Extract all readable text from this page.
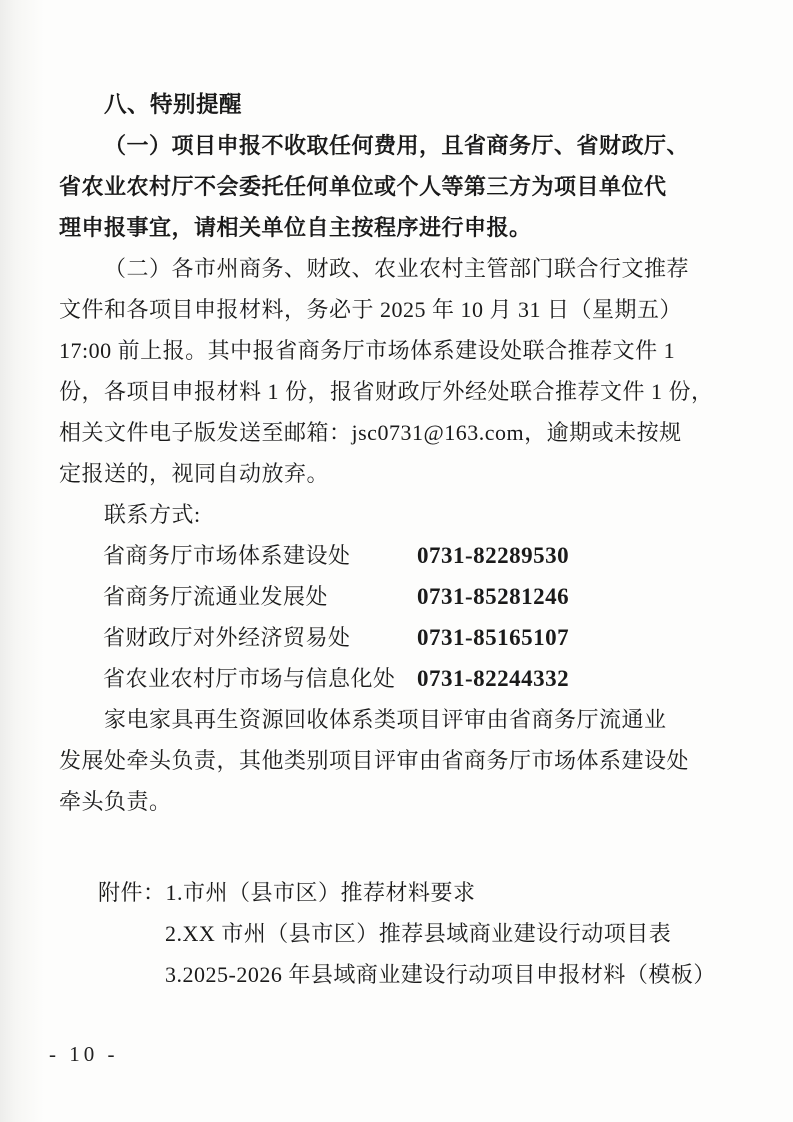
八、特别提醒
（一）项目申报不收取任何费用，且省商务厅、省财政厅、
省农业农村厅不会委托任何单位或个人等第三方为项目单位代
理申报事宜，请相关单位自主按程序进行申报。
（二）各市州商务、财政、农业农村主管部门联合行文推荐
文件和各项目申报材料，务必于 2025 年 10 月 31 日（星期五）
17:00 前上报。其中报省商务厅市场体系建设处联合推荐文件 1
份，各项目申报材料 1 份，报省财政厅外经处联合推荐文件 1 份，
相关文件电子版发送至邮箱：jsc0731@163.com，逾期或未按规
定报送的，视同自动放弃。
联系方式:
省商务厅市场体系建设处	0731-82289530
省商务厅流通业发展处	0731-85281246
省财政厅对外经济贸易处	0731-85165107
省农业农村厅市场与信息化处 0731-82244332
家电家具再生资源回收体系类项目评审由省商务厅流通业
发展处牵头负责，其他类别项目评审由省商务厅市场体系建设处
牵头负责。
附件：1.市州（县市区）推荐材料要求
2.XX 市州（县市区）推荐县域商业建设行动项目表
3.2025-2026 年县域商业建设行动项目申报材料（模板）
- 10 -
